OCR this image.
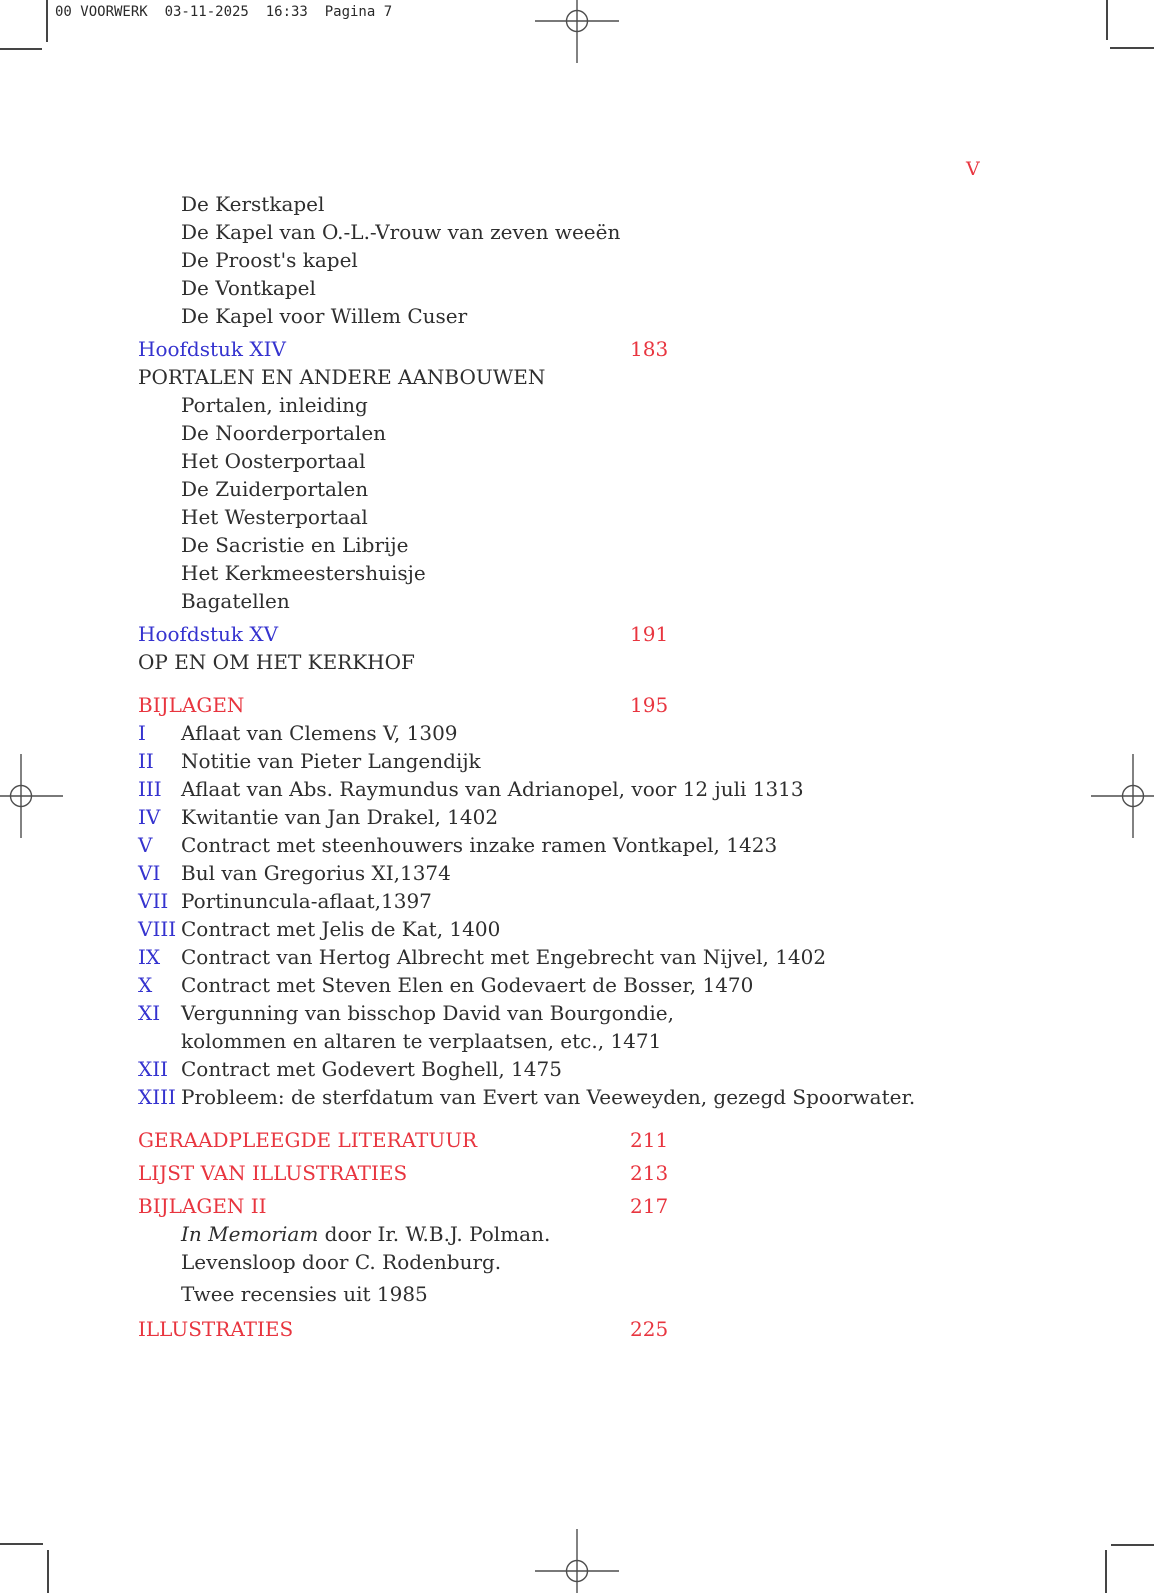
00 VOORWERK  03-11-2025  16:33  Pagina 7
V
De Kerstkapel
De Kapel van O.-L.-Vrouw van zeven weeën
De Proost's kapel
De Vontkapel
De Kapel voor Willem Cuser
Hoofdstuk XIV	183
PORTALEN EN ANDERE AANBOUWEN
Portalen, inleiding
De Noorderportalen
Het Oosterportaal
De Zuiderportalen
Het Westerportaal
De Sacristie en Librije
Het Kerkmeestershuisje
Bagatellen
Hoofdstuk XV	191
OP EN OM HET KERKHOF
BIJLAGEN	195
I	Aflaat van Clemens V, 1309
II	Notitie van Pieter Langendijk
III Aflaat van Abs. Raymundus van Adrianopel, voor 12 juli 1313
IV	Kwitantie van Jan Drakel, 1402
V	Contract met steenhouwers inzake ramen Vontkapel, 1423
VI	Bul van Gregorius XI,1374
VII Portinuncula-aflaat,1397
VIII Contract met Jelis de Kat, 1400
IX	Contract van Hertog Albrecht met Engebrecht van Nijvel, 1402
X	Contract met Steven Elen en Godevaert de Bosser, 1470
XI	Vergunning van bisschop David van Bourgondie,
kolommen en altaren te verplaatsen, etc., 1471
XII Contract met Godevert Boghell, 1475
XIII Probleem: de sterfdatum van Evert van Veeweyden, gezegd Spoorwater.
GERAADPLEEGDE LITERATUUR	211
LIJST VAN ILLUSTRATIES	213
BIJLAGEN II	217
In Memoriam door Ir. W.B.J. Polman.
Levensloop door C. Rodenburg.
Twee recensies uit 1985
ILLUSTRATIES	225
